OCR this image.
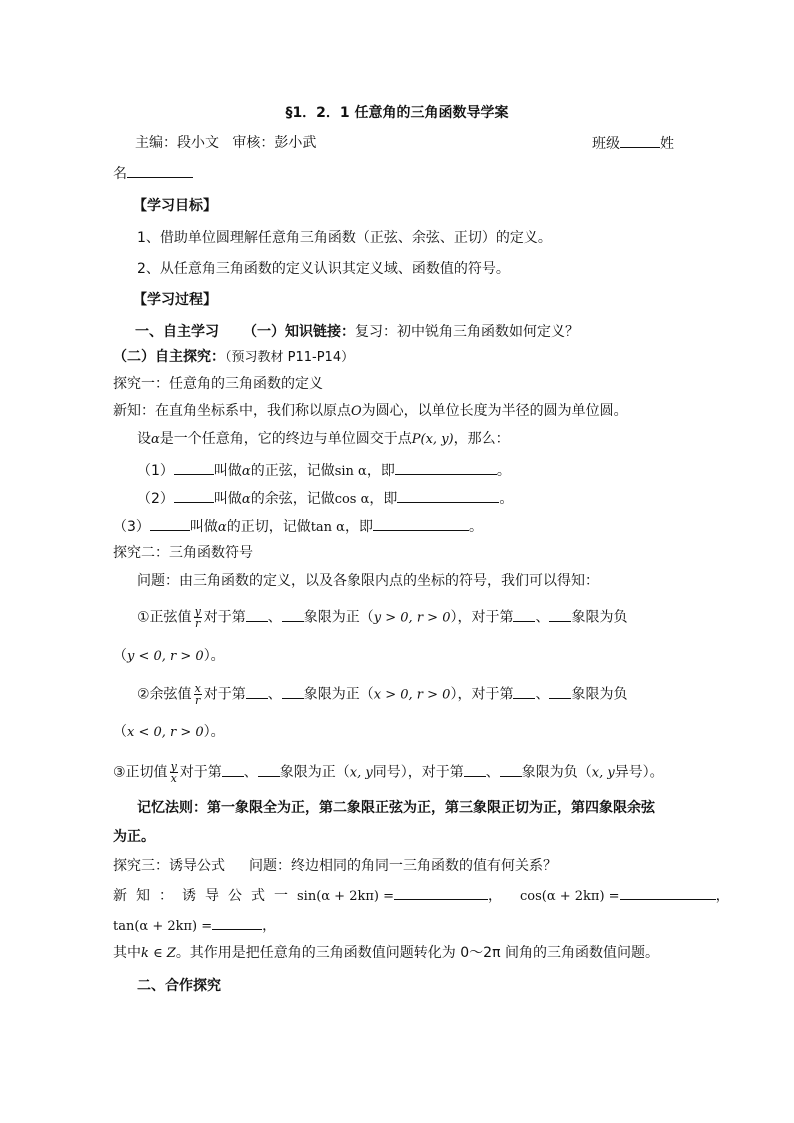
§1．2．1 任意角的三角函数导学案
主编：段小文   审核：彭小武	班级	姓
名
【学习目标】
1、借助单位圆理解任意角三角函数（正弦、余弦、正切）的定义。
2、从任意角三角函数的定义认识其定义域、函数值的符号。
【学习过程】
一、自主学习 （一）知识链接：复习：初中锐角三角函数如何定义？
（二）自主探究：（预习教材 P11-P14）
探究一：任意角的三角函数的定义
新知：在直角坐标系中，我们称以原点O为圆心，以单位长度为半径的圆为单位圆。
设α是一个任意角，它的终边与单位圆交于点P(x, y)，那么：
（1）	叫做α的正弦，记做sin α，即	。
（2）	叫做α的余弦，记做cos α，即	。
（3）	叫做α的正切，记做tan α，即	。
探究二：三角函数符号
问题：由三角函数的定义，以及各象限内点的坐标的符号，我们可以得知：
①正弦值 $\frac{y}{r}$ 对于第 、 象限为正（y > 0, r > 0），对于第 、 象限为负
（y < 0, r > 0）。
②余弦值 $\frac{x}{r}$ 对于第 、 象限为正（x > 0, r > 0），对于第 、 象限为负
（x < 0, r > 0）。
③正切值 $\frac{y}{x}$ 对于第 、 象限为正（x, y同号），对于第 、 象限为负（x, y异号）。
记忆法则：第一象限全为正，第二象限正弦为正，第三象限正切为正，第四象限余弦
为正。
探究三：诱导公式 问题：终边相同的角同一三角函数的值有何关系？
新知：诱导公式一sin(α + 2kπ) =	， cos(α + 2kπ) =	，
tan(α + 2kπ) =	，
其中k ∈ Z。其作用是把任意角的三角函数值问题转化为 0～2π 间角的三角函数值问题。
二、合作探究
